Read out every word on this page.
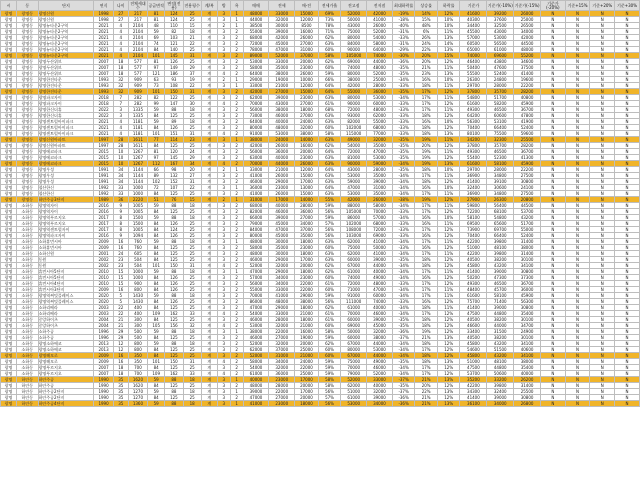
시	동	단지	연식	나이	전체세대수	공급면적	면적(전용)	전용평수	계/복	방	욕	매매	전세	매-전	전세가율	전고점	전저점	최대하락률	상승률	하락률	기준가	기준가(-10%)	기준가(-15%)	기준가(-20%)	기준+15%	기준+20%	기준+30%
광명	광명동	광명신원	1998	27	217	81	124	25	계	3	1	48000	33000	15000	69%	52000	42000	-19%	14%	12%	41600	39200	26000	N	N	N	N
광명	광명동	광명신원	1998	27	217	81	124	25	계	3	1	44000	32000	12000	73%	50000	41000	-18%	15%	10%	40300	37600	25000	N	N	N	N
광명	광명동	광명뉴타운2구역	2021	4	2104	48	110	15	계	2	1	38500	30000	8500	78%	43000	26000	-40%	48%	10%	34400	32500	26500	N	N	N	N
광명	광명동	광명뉴타운2구역	2021	4	2104	59	82	18	계	3	2	55000	39000	16000	71%	75000	52000	-31%	6%	11%	45500	43000	34000	N	N	N	N
광명	광명동	광명뉴타운2구역	2021	4	2104	69	103	21	계	3	2	68000	42000	26000	62%	80000	54000	-33%	26%	13%	57000	53000	42000	N	N	N	N
광명	광명동	광명뉴타운2구역	2021	4	2104	74	121	22	계	3	2	72000	45000	27000	63%	84000	58000	-31%	24%	14%	60500	56500	44500	N	N	N	N
광명	광명동	광명뉴타운2구역	2021	4	2104	84	140	25	계	3	2	78000	47000	31000	60%	90000	64000	-29%	22%	13%	65000	61000	48000	N	N	N	N
광명	광명동	광명뉴타운2구역	2021	4	2104	101	145	31	계	3	2	89000	52000	37000	58%	105000	74000	-30%	20%	15%	74000	69600	55200	N	N	N	N
광명	광명동	광명두산위브	2007	18	577	81	126	25	계	3	2	53000	33000	20000	62%	69000	44000	-36%	20%	12%	46400	43800	34600	N	N	N	N
광명	광명동	광명두산위브	2007	18	577	97	149	29	계	3	2	58000	35000	23000	60%	74000	48000	-35%	21%	11%	50400	47600	37500	N	N	N	N
광명	광명동	광명두산위브	2007	18	577	121	186	37	계	4	2	64000	38000	26000	59%	80000	52000	-35%	23%	13%	55500	52400	41400	N	N	N	N
광명	광명동	광명한진타운	1993	32	909	63	93	19	계	2	1	29000	19000	10000	66%	38000	25000	-34%	16%	10%	26300	24800	19600	N	N	N	N
광명	광명동	광명한진타운	1993	32	909	73	108	22	계	3	1	33000	21000	12000	64%	42000	28000	-33%	18%	11%	29700	28000	22200	N	N	N	N
광명	광명동	광명한진타운	1993	32	909	101	150	31	계	3	2	42000	27000	15000	64%	55000	36000	-35%	17%	12%	37800	35700	28200	N	N	N	N
광명	광명동	광명파크자이	2018	7	282	82	122	25	계	3	2	62000	39000	23000	63%	80000	53000	-34%	17%	11%	54800	51700	40800	N	N	N	N
광명	광명동	광명파크자이	2018	7	282	99	147	30	계	4	2	70000	43000	27000	61%	90000	60000	-33%	17%	12%	61600	58200	45900	N	N	N	N
광명	광명동	광명한신더휴	2022	3	1335	59	88	18	계	3	2	56000	38000	18000	68%	72000	48000	-33%	17%	11%	49300	46500	36700	N	N	N	N
광명	광명동	광명한신더휴	2022	3	1335	84	125	25	계	3	2	73000	46000	27000	63%	93000	62000	-33%	18%	12%	64200	60600	47800	N	N	N	N
광명	광명동	광명센트럴아이파크	2021	4	1181	59	89	18	계	3	2	64000	40000	24000	63%	82000	55000	-33%	16%	10%	56300	53100	41900	N	N	N	N
광명	광명동	광명센트럴아이파크	2021	4	1181	84	126	25	계	3	2	80000	48000	32000	60%	102000	68000	-33%	18%	12%	70400	66400	52400	N	N	N	N
광명	광명동	광명센트럴아이파크	2021	4	1181	101	151	31	계	4	2	91000	53000	38000	58%	115000	77000	-33%	18%	13%	80100	75500	59600	N	N	N	N
광명	광명동	광명신원아파트	1997	28	1611	77	114	23	계	3	1	38000	24000	14000	63%	49000	32000	-35%	19%	11%	34200	32300	25500	N	N	N	N
광명	광명동	광명신원아파트	1997	28	1611	84	125	25	계	3	2	42000	26000	16000	62%	54000	35000	-35%	20%	12%	37800	35700	28200	N	N	N	N
광명	광명동	광명에코파크	2015	10	1267	81	120	24	계	3	2	56000	36000	20000	64%	72000	47000	-35%	19%	11%	49300	46500	36700	N	N	N	N
광명	광명동	광명에코파크	2015	10	1267	97	145	29	계	3	2	63000	40000	23000	63%	81000	53000	-35%	19%	12%	55400	52300	41300	N	N	N	N
광명	광명동	광명에코파크	2015	10	1267	112	167	34	계	4	2	70000	44000	26000	63%	90000	59000	-34%	19%	13%	61600	58100	45900	N	N	N	N
광명	광명동	광명우성	1991	34	1144	66	98	20	계	2	1	33000	21000	12000	64%	43000	28000	-35%	18%	10%	29700	28000	22200	N	N	N	N
광명	광명동	광명우성	1991	34	1144	89	132	27	계	3	2	41000	26000	15000	63%	53000	35000	-34%	17%	11%	36900	34800	27500	N	N	N	N
광명	광명동	광명우성	1991	34	1144	102	152	31	계	3	2	46000	29000	17000	63%	59000	39000	-34%	18%	12%	41400	39100	30800	N	N	N	N
광명	광명동	철산한신	1992	33	1000	72	107	22	계	3	1	36000	23000	13000	64%	47000	31000	-34%	16%	10%	32400	30600	24100	N	N	N	N
광명	광명동	철산한신	1992	33	1000	84	125	25	계	3	2	41000	26000	15000	63%	53000	35000	-34%	17%	11%	36900	34800	27500	N	N	N	N
광명	광명동	하안주공3단지	1989	36	2220	51	76	15	계	2	1	31000	17000	14000	55%	42000	26000	-38%	19%	12%	27900	26300	20800	N	N	N	N
광명	소하동	광명역자이	2016	9	1005	59	88	18	계	3	2	68000	40000	28000	59%	88000	58000	-34%	17%	11%	59800	56400	44500	N	N	N	N
광명	소하동	광명역자이	2016	9	1005	84	125	25	계	3	2	82000	46000	36000	56%	105000	70000	-33%	17%	12%	72200	68100	53700	N	N	N	N
광명	소하동	광명역푸르지오	2017	8	1500	59	88	18	계	3	2	66000	39000	27000	59%	86000	57000	-34%	16%	10%	58100	54800	43200	N	N	N	N
광명	소하동	광명역푸르지오	2017	8	1500	84	126	25	계	3	2	79000	45000	34000	57%	102000	68000	-33%	16%	11%	69500	65600	51700	N	N	N	N
광명	소하동	광명역센트럴자이	2017	8	1005	84	124	25	계	3	2	84000	47000	37000	56%	108000	72000	-33%	17%	12%	73900	69700	55000	N	N	N	N
광명	소하동	광명역파크자이	2016	9	1094	84	126	25	계	3	2	80000	45000	35000	56%	103000	69000	-33%	16%	12%	70400	66400	52400	N	N	N	N
광명	소하동	소하휴먼시아	2009	16	760	59	88	18	계	3	1	48000	30000	18000	63%	62000	41000	-34%	17%	11%	42200	39800	31400	N	N	N	N
광명	소하동	소하휴먼시아	2009	16	760	84	125	25	계	3	2	58000	35000	23000	60%	75000	50000	-33%	16%	12%	51000	48100	38000	N	N	N	N
광명	소하동	소하신원	2001	24	605	84	125	25	계	3	2	48000	30000	18000	63%	62000	41000	-34%	17%	11%	42200	39800	31400	N	N	N	N
광명	소하동	동원	2002	23	504	84	125	25	계	3	2	46000	29000	17000	63%	60000	39000	-35%	18%	12%	40500	38200	30100	N	N	N	N
광명	소하동	동원	2002	23	504	101	150	31	계	4	2	52000	32000	20000	62%	67000	44000	-34%	18%	12%	45800	43200	34100	N	N	N	N
광명	소하동	휴먼시아5단지	2010	15	1000	59	88	18	계	3	1	47000	29000	18000	62%	61000	40000	-34%	17%	11%	41400	39000	30800	N	N	N	N
광명	소하동	휴먼시아5단지	2010	15	1000	84	126	25	계	3	2	57000	34000	23000	60%	74000	49000	-34%	16%	12%	50200	47300	37300	N	N	N	N
광명	소하동	휴먼시아4단지	2010	15	900	84	126	25	계	3	2	56000	34000	22000	61%	72000	48000	-33%	17%	12%	49300	46500	36700	N	N	N	N
광명	소하동	휴먼시아3단지	2009	16	800	84	126	25	계	3	2	55000	33000	22000	60%	71000	47000	-34%	17%	11%	48400	45700	36000	N	N	N	N
광명	소하동	광명역써밋플레이스	2020	5	1430	59	88	18	계	3	2	70000	41000	29000	59%	91000	60000	-34%	17%	11%	61600	58100	45900	N	N	N	N
광명	소하동	광명역써밋플레이스	2020	5	1430	84	126	25	계	3	2	86000	48000	38000	56%	111000	74000	-33%	16%	12%	75700	71400	56300	N	N	N	N
광명	소하동	소하리베라	2003	22	400	84	125	25	계	3	2	47000	29000	18000	62%	61000	40000	-34%	18%	11%	41400	39000	30800	N	N	N	N
광명	소하동	소하리베라	2003	22	400	109	162	33	계	4	2	54000	33000	21000	61%	70000	46000	-34%	17%	12%	47500	44800	35400	N	N	N	N
광명	소하동	중앙하이츠	2004	21	300	84	125	25	계	3	2	46000	28000	18000	61%	60000	39000	-35%	18%	12%	40500	38200	30100	N	N	N	N
광명	소하동	중앙하이츠	2004	21	300	105	156	32	계	4	2	53000	32000	21000	60%	69000	45000	-35%	18%	12%	46600	44000	34700	N	N	N	N
광명	소하동	소하주공	1996	29	500	59	88	18	계	3	1	38000	22000	16000	58%	50000	32000	-36%	19%	12%	33400	31500	24900	N	N	N	N
광명	소하동	소하주공	1996	29	500	84	125	25	계	3	2	46000	27000	19000	59%	60000	38000	-37%	21%	13%	40500	38200	30100	N	N	N	N
광명	소하동	광명소하에코	2013	12	800	59	88	18	계	3	2	52000	32000	20000	62%	67000	44000	-34%	18%	12%	45800	43200	34100	N	N	N	N
광명	소하동	광명소하에코	2013	12	800	84	125	25	계	3	2	62000	37000	25000	60%	80000	53000	-34%	17%	12%	54600	51500	40600	N	N	N	N
광명	소하동	광명해모로	2009	16	350	84	125	25	계	3	2	52000	31000	21000	60%	67000	44000	-34%	18%	12%	45800	43200	34100	N	N	N	N
광명	소하동	광명해모로	2009	16	350	101	150	31	계	4	2	58000	34000	24000	59%	75000	49000	-35%	18%	13%	51000	48100	38000	N	N	N	N
광명	소하동	광명푸르지오	2007	18	700	84	125	25	계	3	2	54000	32000	22000	59%	70000	46000	-34%	17%	12%	47500	44800	35400	N	N	N	N
광명	소하동	광명푸르지오	2007	18	700	109	162	33	계	4	2	61000	36000	25000	59%	79000	52000	-34%	17%	12%	53700	50600	40000	N	N	N	N
광명	하안동	하안주공	1990	35	1620	59	88	18	계	3	1	40000	23000	17000	58%	52000	33000	-37%	21%	13%	35200	33200	26200	N	N	N	N
광명	하안동	하안주공	1990	35	1620	84	125	25	계	3	2	48000	28000	20000	58%	62000	40000	-35%	20%	12%	42200	39800	31400	N	N	N	N
광명	하안동	하안주공2단지	1990	35	1270	59	88	18	계	3	1	39000	22000	17000	56%	51000	32000	-37%	22%	13%	34300	32400	25500	N	N	N	N
광명	하안동	하안주공2단지	1990	35	1270	84	125	25	계	3	2	47000	27000	20000	57%	61000	39000	-36%	21%	12%	41400	39000	30800	N	N	N	N
광명	하안동	하안주공4단지	1990	35	1360	59	88	18	계	3	1	41000	23000	18000	56%	53000	34000	-36%	21%	13%	36100	34000	26800	N	N	N	N
